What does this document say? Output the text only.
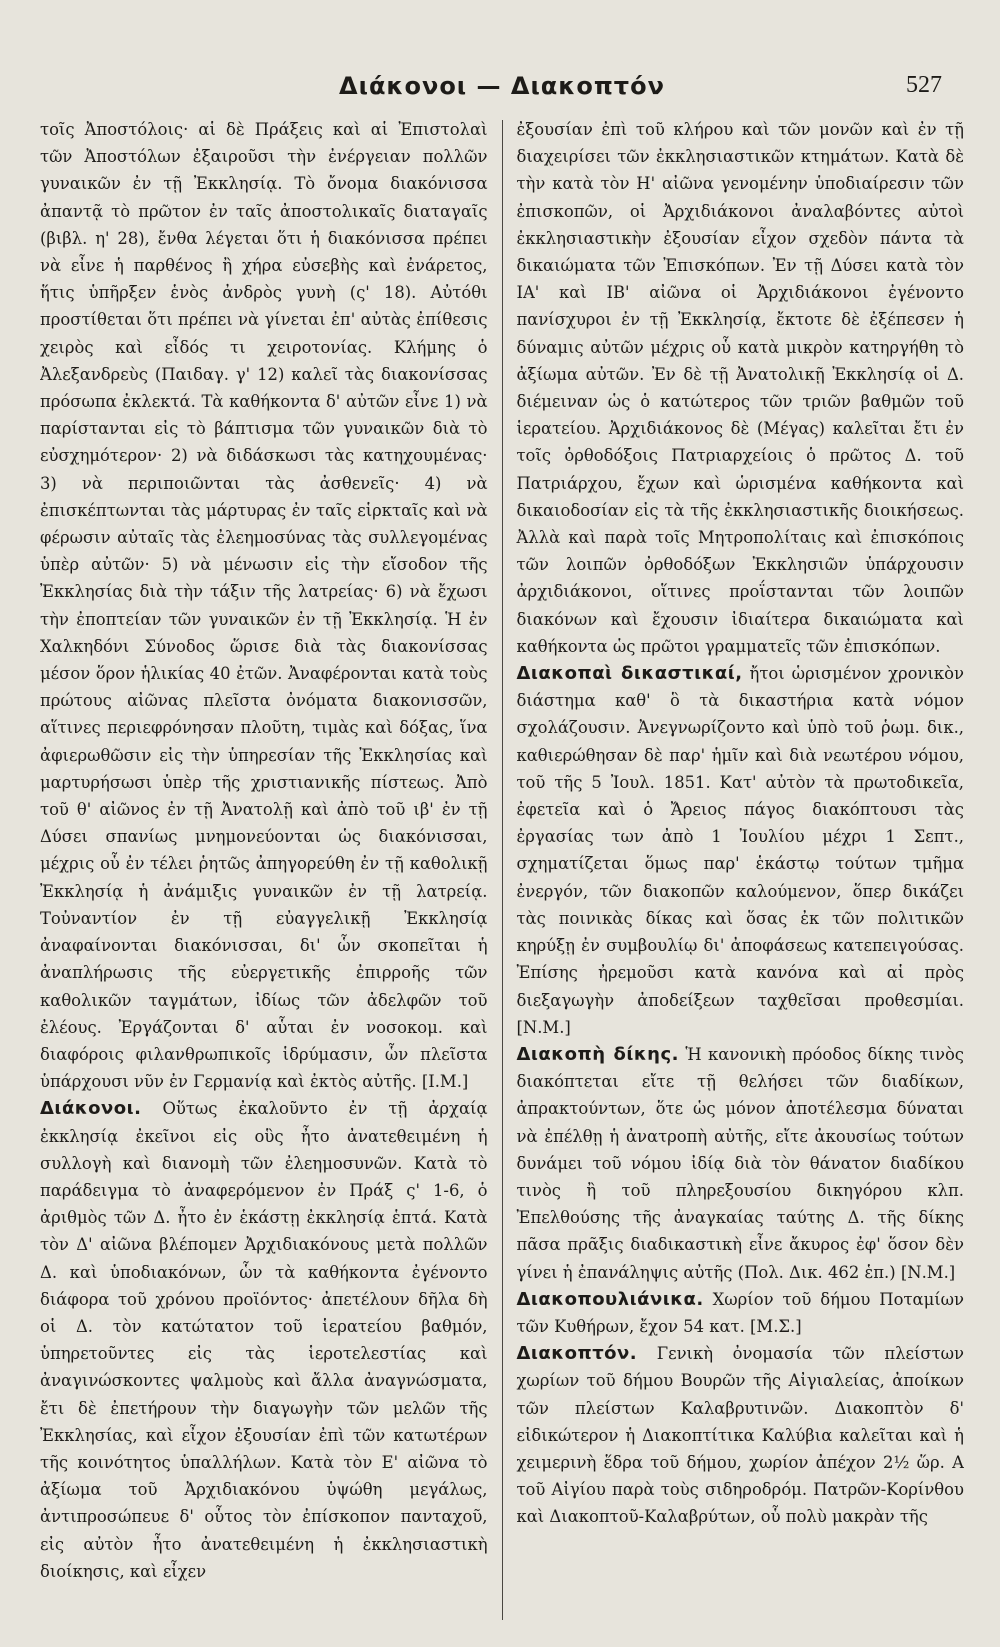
Διάκονοι — Διακοπτόν	527

τοῖς Ἀποστόλοις· αἱ δὲ Πράξεις καὶ αἱ Ἐπιστολαὶ τῶν Ἀποστόλων ἐξαιροῦσι τὴν ἐνέργειαν πολλῶν γυναικῶν ἐν τῇ Ἐκκλησίᾳ. Τὸ ὄνομα διακόνισσα ἀπαντᾷ τὸ πρῶτον ἐν ταῖς ἀποστολικαῖς διαταγαῖς (βιβλ. η' 28), ἔνθα λέγεται ὅτι ἡ διακόνισσα πρέπει νὰ εἶνε ἡ παρθένος ἢ χήρα εὐσεβὴς καὶ ἐνάρετος, ἥτις ὑπῆρξεν ἑνὸς ἀνδρὸς γυνὴ (ς' 18). Αὐτόθι προστίθεται ὅτι πρέπει νὰ γίνεται ἐπ' αὐτὰς ἐπίθεσις χειρὸς καὶ εἶδός τι χειροτονίας. Κλήμης ὁ Ἀλεξανδρεὺς (Παιδαγ. γ' 12) καλεῖ τὰς διακονίσσας πρόσωπα ἐκλεκτά. Τὰ καθήκοντα δ' αὐτῶν εἶνε 1) νὰ παρίστανται εἰς τὸ βάπτισμα τῶν γυναικῶν διὰ τὸ εὐσχημότερον· 2) νὰ διδάσκωσι τὰς κατηχουμένας· 3) νὰ περιποιῶνται τὰς ἀσθενεῖς· 4) νὰ ἐπισκέπτωνται τὰς μάρτυρας ἐν ταῖς εἱρκταῖς καὶ νὰ φέρωσιν αὐταῖς τὰς ἐλεημοσύνας τὰς συλλεγομένας ὑπὲρ αὐτῶν· 5) νὰ μένωσιν εἰς τὴν εἴσοδον τῆς Ἐκκλησίας διὰ τὴν τάξιν τῆς λατρείας· 6) νὰ ἔχωσι τὴν ἐποπτείαν τῶν γυναικῶν ἐν τῇ Ἐκκλησίᾳ. Ἡ ἐν Χαλκηδόνι Σύνοδος ὥρισε διὰ τὰς διακονίσσας μέσον ὅρον ἡλικίας 40 ἐτῶν. Ἀναφέρονται κατὰ τοὺς πρώτους αἰῶνας πλεῖστα ὀνόματα διακονισσῶν, αἵτινες περιεφρόνησαν πλοῦτη, τιμὰς καὶ δόξας, ἵνα ἀφιερωθῶσιν εἰς τὴν ὑπηρεσίαν τῆς Ἐκκλησίας καὶ μαρτυρήσωσι ὑπὲρ τῆς χριστιανικῆς πίστεως. Ἀπὸ τοῦ θ' αἰῶνος ἐν τῇ Ἀνατολῇ καὶ ἀπὸ τοῦ ιβ' ἐν τῇ Δύσει σπανίως μνημονεύονται ὡς διακόνισσαι, μέχρις οὗ ἐν τέλει ῥητῶς ἀπηγορεύθη ἐν τῇ καθολικῇ Ἐκκλησίᾳ ἡ ἀνάμιξις γυναικῶν ἐν τῇ λατρείᾳ. Τοὐναντίον ἐν τῇ εὐαγγελικῇ Ἐκκλησίᾳ ἀναφαίνονται διακόνισσαι, δι' ὧν σκοπεῖται ἡ ἀναπλήρωσις τῆς εὐεργετικῆς ἐπιρροῆς τῶν καθολικῶν ταγμάτων, ἰδίως τῶν ἀδελφῶν τοῦ ἐλέους. Ἐργάζονται δ' αὗται ἐν νοσοκομ. καὶ διαφόροις φιλανθρωπικοῖς ἱδρύμασιν, ὧν πλεῖστα ὑπάρχουσι νῦν ἐν Γερμανίᾳ καὶ ἐκτὸς αὐτῆς. [Ι.Μ.]

Διάκονοι. Οὕτως ἐκαλοῦντο ἐν τῇ ἀρχαίᾳ ἐκκλησίᾳ ἐκεῖνοι εἰς οὓς ἦτο ἀνατεθειμένη ἡ συλλογὴ καὶ διανομὴ τῶν ἐλεημοσυνῶν. Κατὰ τὸ παράδειγμα τὸ ἀναφερόμενον ἐν Πράξ ς' 1-6, ὁ ἀριθμὸς τῶν Δ. ἦτο ἐν ἑκάστῃ ἐκκλησίᾳ ἑπτά. Κατὰ τὸν Δ' αἰῶνα βλέπομεν Ἀρχιδιακόνους μετὰ πολλῶν Δ. καὶ ὑποδιακόνων, ὧν τὰ καθήκοντα ἐγένοντο διάφορα τοῦ χρόνου προϊόντος· ἀπετέλουν δῆλα δὴ οἱ Δ. τὸν κατώτατον τοῦ ἱερατείου βαθμόν, ὑπηρετοῦντες εἰς τὰς ἱεροτελεστίας καὶ ἀναγινώσκοντες ψαλμοὺς καὶ ἄλλα ἀναγνώσματα, ἔτι δὲ ἐπετήρουν τὴν διαγωγὴν τῶν μελῶν τῆς Ἐκκλησίας, καὶ εἶχον ἐξουσίαν ἐπὶ τῶν κατωτέρων τῆς κοινότητος ὑπαλλήλων. Κατὰ τὸν Ε' αἰῶνα τὸ ἀξίωμα τοῦ Ἀρχιδιακόνου ὑψώθη μεγάλως, ἀντιπροσώπευε δ' οὗτος τὸν ἐπίσκοπον πανταχοῦ, εἰς αὐτὸν ἦτο ἀνατεθειμένη ἡ ἐκκλησιαστικὴ διοίκησις, καὶ εἶχεν

ἐξουσίαν ἐπὶ τοῦ κλήρου καὶ τῶν μονῶν καὶ ἐν τῇ διαχειρίσει τῶν ἐκκλησιαστικῶν κτημάτων. Κατὰ δὲ τὴν κατὰ τὸν Η' αἰῶνα γενομένην ὑποδιαίρεσιν τῶν ἐπισκοπῶν, οἱ Ἀρχιδιάκονοι ἀναλαβόντες αὐτοὶ ἐκκλησιαστικὴν ἐξουσίαν εἶχον σχεδὸν πάντα τὰ δικαιώματα τῶν Ἐπισκόπων. Ἐν τῇ Δύσει κατὰ τὸν ΙΑ' καὶ ΙΒ' αἰῶνα οἱ Ἀρχιδιάκονοι ἐγένοντο πανίσχυροι ἐν τῇ Ἐκκλησίᾳ, ἔκτοτε δὲ ἐξέπεσεν ἡ δύναμις αὐτῶν μέχρις οὗ κατὰ μικρὸν κατηργήθη τὸ ἀξίωμα αὐτῶν. Ἐν δὲ τῇ Ἀνατολικῇ Ἐκκλησίᾳ οἱ Δ. διέμειναν ὡς ὁ κατώτερος τῶν τριῶν βαθμῶν τοῦ ἱερατείου. Ἀρχιδιάκονος δὲ (Μέγας) καλεῖται ἔτι ἐν τοῖς ὀρθοδόξοις Πατριαρχείοις ὁ πρῶτος Δ. τοῦ Πατριάρχου, ἔχων καὶ ὡρισμένα καθήκοντα καὶ δικαιοδοσίαν εἰς τὰ τῆς ἐκκλησιαστικῆς διοικήσεως. Ἀλλὰ καὶ παρὰ τοῖς Μητροπολίταις καὶ ἐπισκόποις τῶν λοιπῶν ὀρθοδόξων Ἐκκλησιῶν ὑπάρχουσιν ἀρχιδιάκονοι, οἵτινες προΐστανται τῶν λοιπῶν διακόνων καὶ ἔχουσιν ἰδιαίτερα δικαιώματα καὶ καθήκοντα ὡς πρῶτοι γραμματεῖς τῶν ἐπισκόπων.

Διακοπαὶ δικαστικαί, ἤτοι ὡρισμένον χρονικὸν διάστημα καθ' ὃ τὰ δικαστήρια κατὰ νόμον σχολάζουσιν. Ἀνεγνωρίζοντο καὶ ὑπὸ τοῦ ῥωμ. δικ., καθιερώθησαν δὲ παρ' ἡμῖν καὶ διὰ νεωτέρου νόμου, τοῦ τῆς 5 Ἰουλ. 1851. Κατ' αὐτὸν τὰ πρωτοδικεῖα, ἐφετεῖα καὶ ὁ Ἄρειος πάγος διακόπτουσι τὰς ἐργασίας των ἀπὸ 1 Ἰουλίου μέχρι 1 Σεπτ., σχηματίζεται ὅμως παρ' ἑκάστῳ τούτων τμῆμα ἐνεργόν, τῶν διακοπῶν καλούμενον, ὅπερ δικάζει τὰς ποινικὰς δίκας καὶ ὅσας ἐκ τῶν πολιτικῶν κηρύξῃ ἐν συμβουλίῳ δι' ἀποφάσεως κατεπειγούσας. Ἐπίσης ἠρεμοῦσι κατὰ κανόνα καὶ αἱ πρὸς διεξαγωγὴν ἀποδείξεων ταχθεῖσαι προθεσμίαι. [Ν.Μ.]

Διακοπὴ δίκης. Ἡ κανονικὴ πρόοδος δίκης τινὸς διακόπτεται εἴτε τῇ θελήσει τῶν διαδίκων, ἀπρακτούντων, ὅτε ὡς μόνον ἀποτέλεσμα δύναται νὰ ἐπέλθῃ ἡ ἀνατροπὴ αὐτῆς, εἴτε ἀκουσίως τούτων δυνάμει τοῦ νόμου ἰδίᾳ διὰ τὸν θάνατον διαδίκου τινὸς ἢ τοῦ πληρεξουσίου δικηγόρου κλπ. Ἐπελθούσης τῆς ἀναγκαίας ταύτης Δ. τῆς δίκης πᾶσα πρᾶξις διαδικαστικὴ εἶνε ἄκυρος ἐφ' ὅσον δὲν γίνει ἡ ἐπανάληψις αὐτῆς (Πολ. Δικ. 462 ἑπ.) [Ν.Μ.]

Διακοπουλιάνικα. Χωρίον τοῦ δήμου Ποταμίων τῶν Κυθήρων, ἔχον 54 κατ. [Μ.Σ.]

Διακοπτόν. Γενικὴ ὀνομασία τῶν πλείστων χωρίων τοῦ δήμου Βουρῶν τῆς Αἰγιαλείας, ἀποίκων τῶν πλείστων Καλαβρυτινῶν. Διακοπτὸν δ' εἰδικώτερον ἡ Διακοπτίτικα Καλύβια καλεῖται καὶ ἡ χειμερινὴ ἕδρα τοῦ δήμου, χωρίον ἀπέχον 2½ ὥρ. Α τοῦ Αἰγίου παρὰ τοὺς σιδηροδρόμ. Πατρῶν-Κορίνθου καὶ Διακοπτοῦ-Καλαβρύτων, οὗ πολὺ μακρὰν τῆς
